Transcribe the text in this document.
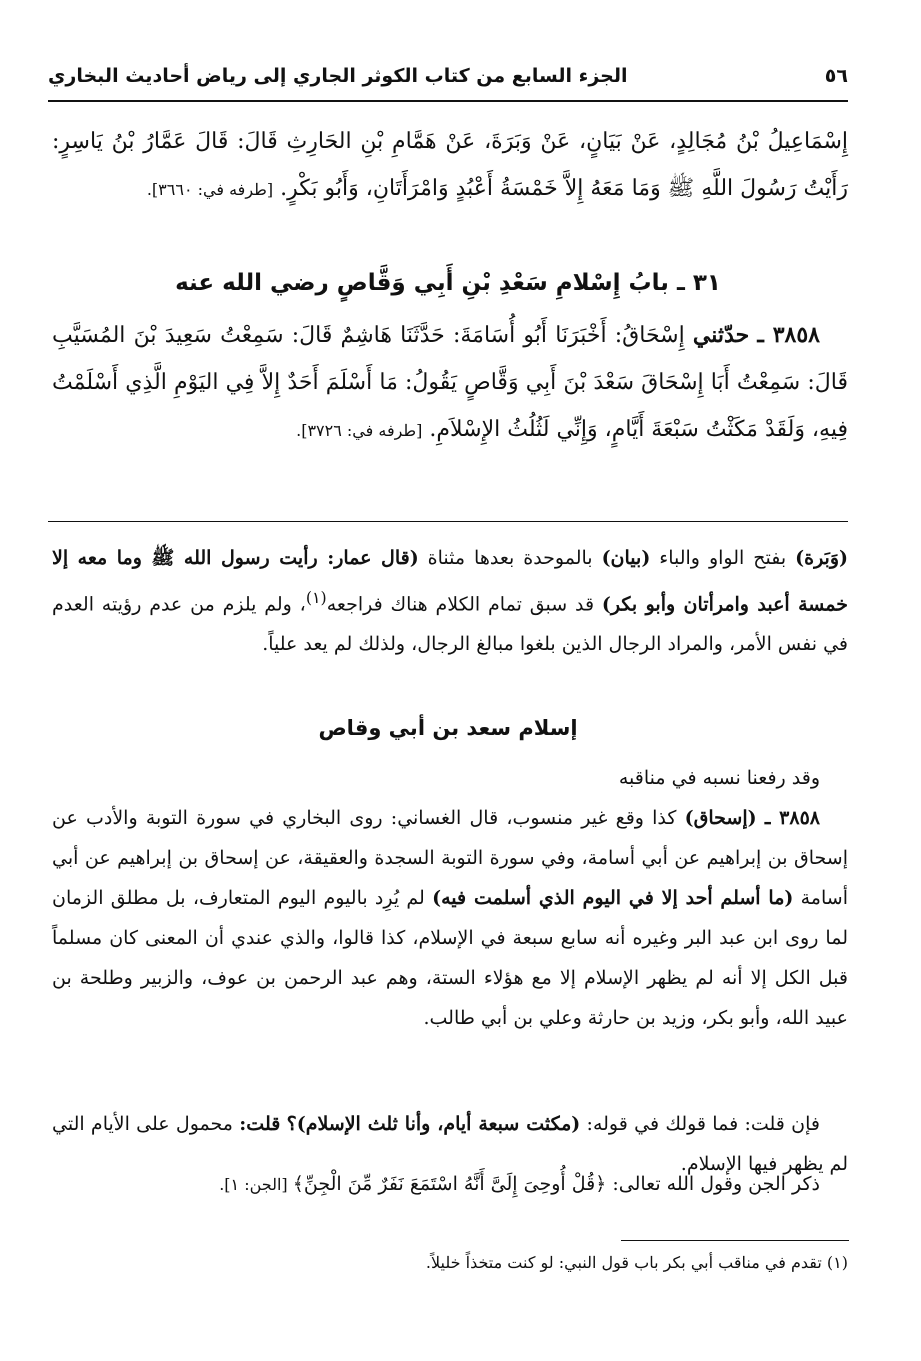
٥٦
الجزء السابع من كتاب الكوثر الجاري إلى رياض أحاديث البخاري
إِسْمَاعِيلُ بْنُ مُجَالِدٍ، عَنْ بَيَانٍ، عَنْ وَبَرَةَ، عَنْ هَمَّامِ بْنِ الحَارِثِ قَالَ: قَالَ عَمَّارُ بْنُ يَاسِرٍ: رَأَيْتُ رَسُولَ اللَّهِ ﷺ وَمَا مَعَهُ إِلاَّ خَمْسَةُ أَعْبُدٍ وَامْرَأَتَانِ، وَأَبُو بَكْرٍ. [طرفه في: ٣٦٦٠].
٣١ ـ بابُ إِسْلامِ سَعْدِ بْنِ أَبِي وَقَّاصٍ رضي الله عنه
٣٨٥٨ ـ حدّثني إِسْحَاقُ: أَخْبَرَنَا أَبُو أُسَامَةَ: حَدَّثَنَا هَاشِمٌ قَالَ: سَمِعْتُ سَعِيدَ بْنَ المُسَيَّبِ قَالَ: سَمِعْتُ أَبَا إِسْحَاقَ سَعْدَ بْنَ أَبِي وَقَّاصٍ يَقُولُ: مَا أَسْلَمَ أَحَدٌ إِلاَّ فِي اليَوْمِ الَّذِي أَسْلَمْتُ فِيهِ، وَلَقَدْ مَكَثْتُ سَبْعَةَ أَيَّامٍ، وَإِنِّي لَثُلُثُ الإِسْلاَمِ. [طرفه في: ٣٧٢٦].
(وَبَرة) بفتح الواو والباء (بيان) بالموحدة بعدها مثناة (قال عمار: رأيت رسول الله ﷺ وما معه إلا خمسة أعبد وامرأتان وأبو بكر) قد سبق تمام الكلام هناك فراجعه$^{(١)}$، ولم يلزم من عدم رؤيته العدم في نفس الأمر، والمراد الرجال الذين بلغوا مبالغ الرجال، ولذلك لم يعد علياً.
إسلام سعد بن أبي وقاص
وقد رفعنا نسبه في مناقبه
٣٨٥٨ ـ (إسحاق) كذا وقع غير منسوب، قال الغساني: روى البخاري في سورة التوبة والأدب عن إسحاق بن إبراهيم عن أبي أسامة، وفي سورة التوبة السجدة والعقيقة، عن إسحاق بن إبراهيم عن أبي أسامة (ما أسلم أحد إلا في اليوم الذي أسلمت فيه) لم يُرِد باليوم اليوم المتعارف، بل مطلق الزمان لما روى ابن عبد البر وغيره أنه سابع سبعة في الإسلام، كذا قالوا، والذي عندي أن المعنى كان مسلماً قبل الكل إلا أنه لم يظهر الإسلام إلا مع هؤلاء الستة، وهم عبد الرحمن بن عوف، والزبير وطلحة بن عبيد الله، وأبو بكر، وزيد بن حارثة وعلي بن أبي طالب.
فإن قلت: فما قولك في قوله: (مكثت سبعة أيام، وأنا ثلث الإسلام)؟ قلت: محمول على الأيام التي لم يظهر فيها الإسلام.
ذكر الجن وقول الله تعالى: ﴿قُلْ أُوحِىَ إِلَىَّ أَنَّهُ اسْتَمَعَ نَفَرٌ مِّنَ الْجِنِّ﴾ [الجن: ١].
(١) تقدم في مناقب أبي بكر باب قول النبي: لو كنت متخذاً خليلاً.
